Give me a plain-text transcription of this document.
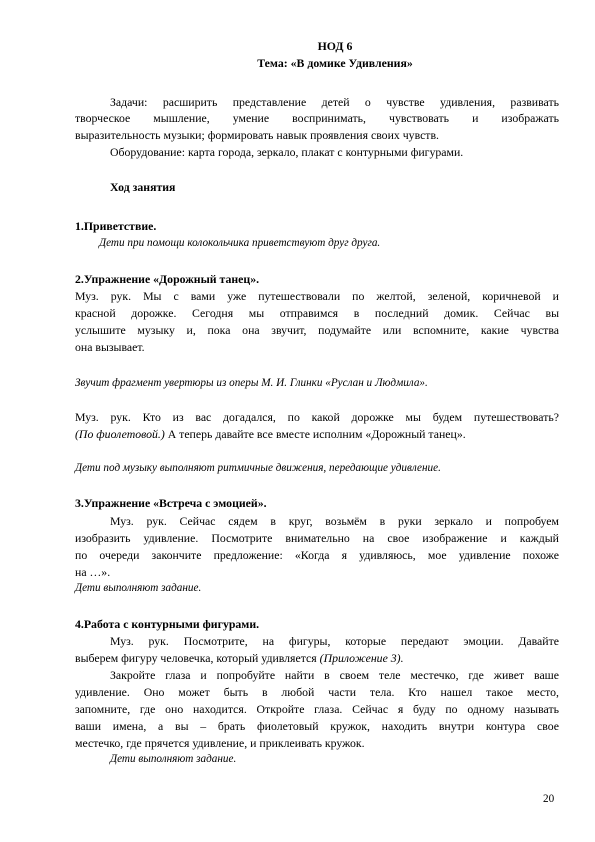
НОД 6
Тема: «В домике Удивления»
Задачи: расширить представление детей о чувстве удивления, развивать
творческое мышление, умение воспринимать, чувствовать и изображать
выразительность музыки; формировать навык проявления своих чувств.
Оборудование: карта города, зеркало, плакат с контурными фигурами.
Ход занятия
1.Приветствие.
Дети при помощи колокольчика приветствуют друг друга.
2.Упражнение «Дорожный танец».
Муз. рук. Мы с вами уже путешествовали по желтой, зеленой, коричневой и
красной дорожке. Сегодня мы отправимся в последний домик. Сейчас вы
услышите музыку и, пока она звучит, подумайте или вспомните, какие чувства
она вызывает.
Звучит фрагмент увертюры из оперы М. И. Глинки «Руслан и Людмила».
Муз. рук. Кто из вас догадался, по какой дорожке мы будем путешествовать?
(По фиолетовой.) А теперь давайте все вместе исполним «Дорожный танец».
Дети под музыку выполняют ритмичные движения, передающие удивление.
3.Упражнение «Встреча с эмоцией».
Муз. рук. Сейчас сядем в круг, возьмём в руки зеркало и попробуем
изобразить удивление. Посмотрите внимательно на свое изображение и каждый
по очереди закончите предложение: «Когда я удивляюсь, мое удивление похоже
на …».
Дети выполняют задание.
4.Работа с контурными фигурами.
Муз. рук. Посмотрите, на фигуры, которые передают эмоции. Давайте
выберем фигуру человечка, который удивляется (Приложение 3).
Закройте глаза и попробуйте найти в своем теле местечко, где живет ваше
удивление. Оно может быть в любой части тела. Кто нашел такое место,
запомните, где оно находится. Откройте глаза. Сейчас я буду по одному называть
ваши имена, а вы – брать фиолетовый кружок, находить внутри контура свое
местечко, где прячется удивление, и приклеивать кружок.
Дети выполняют задание.
20
